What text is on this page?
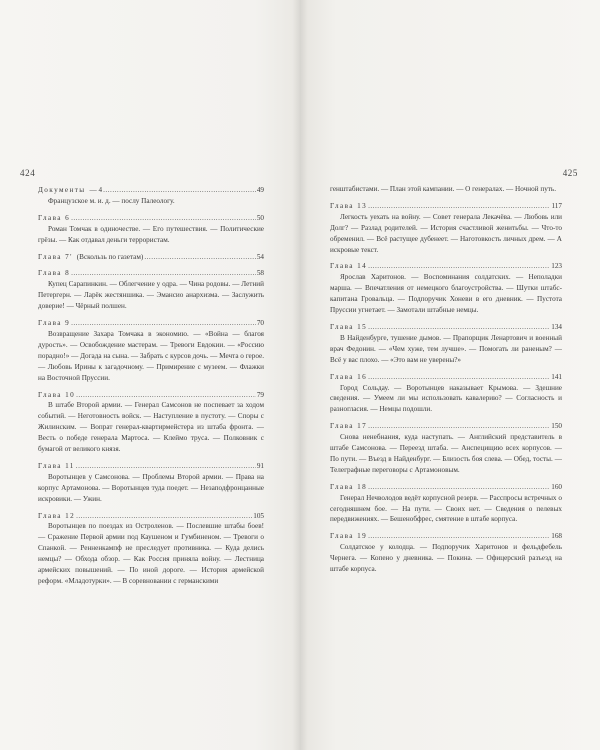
424
Документы — 4 .....	49

Французское м. и. д. — послу Палеологу.

Глава 6 .....	50

Роман Томчак в одиночестве. — Его путешествия. — Политические грёзы. — Как отдавал деньги террористам.

Глава 7' (Вскользь по газетам) .....	54
Глава 8 .....	58

Купец Сарапинкин. — Облегчение у одра. — Чина родовы. — Летний Петергерн. — Ларёк жестяншика. — Эмансио анархизма. — Заслужить доверие! — Чёрный полшен.

Глава 9 .....	70

Возвращение Захара Томчака в экономию. — «Война — благоя дурость». — Освобождение мастерам. — Тревоги Евдокии. — «Россию порадно!» — Догада на сына. — Забрать с курсов дочь. — Мечта о герое. — Любовь Ирины к загадочному. — Примирение с музеем. — Флажки на Восточной Пруссии.

Глава 10 .....	79

В штабе Второй армии. — Генерал Самсонов не поспевает за ходом событий. — Неготовность войск. — Наступление в пустоту. — Споры с Жилинским. — Вопрат генерал-квартирмейстера из штаба фронта. — Весть о победе генерала Мартоса. — Клеймо труса. — Полковник с бумагой от великого князя.

Глава 11 .....	91

Воротынцев у Самсонова. — Проблемы Второй армии. — Права на корпус Артамонова. — Воротынцев туда поедет. — Незаподфронцанные искровики. — Ужин.

Глава 12 .....	105

Воротынцев по поездах из Остроленов. — Послевшие штабы боев! — Сражение Первой армии под Каушеном и Гумбиненом. — Тревоги о Спанкой. — Ренненкампф не преследует противника. — Куда делись немцы? — Обхода обзор. — Как Россия приняла войну. — Лестница армейских повышений. — По иной дороге. — История армейской реформ. «Младотурки». — В соревновании с германскими

425

генштабистами. — План этой кампании. — О генералах. — Ночной путь.

Глава 13 .....	117

Легкость уехать на войну. — Совет генерала Лекачёва. — Любовь или Долг? — Разлад родителей. — История счастливой женитьбы. — Что-то обременил. — Всё растущее дубенеет. — Наготовкость личных дрем. — А искровые текст.

Глава 14 .....	123

Ярослав Харитонов. — Воспоминания солдатских. — Неполадки марша. — Впечатления от немецкого благоустройства. — Шутки штабс-капитана Гровальца. — Подпоручик Хоневи в его дневник. — Пустота Пруссии угнетает. — Замотали штабные немцы.

Глава 15 .....	134

В Найденбурге, тушение дымов. — Прапорщик Ленартович и военный врач Федонин. — «Чем хуже, тем лучше». — Помогать ли раненым? — Всё у вас плохо. — «Это вам не уверены?»

Глава 16 .....	141

Город Сольдау. — Воротынцев наказывает Крымова. — Здешние сведения. — Умеем ли мы использовать кавалерию? — Согласность и разногласия. — Немцы подошли.

Глава 17 .....	150

Снова ненебнания, куда наступать. — Английский представитель в штабе Самсонова. — Переезд штаба. — Анспецищию всех корпусов. — По пути. — Въезд в Найденбург. — Близость боя слева. — Обед, тосты. — Телеграфные переговоры с Артамоновым.

Глава 18 .....	160

Генерал Нечволодов ведёт корпусной резерв. — Расспросы встречных о сегодняшнем бое. — На пути. — Своих нет. — Сведения о пелевых передвижениях. — Бешенобфрес, смятение в штабе корпуса.

Глава 19 .....	168

Солдатское у колодца. — Подпоручик Харитонов и фельдфебель Чернега. — Копено у дневника. — Покина. — Офицерский разъезд на штабе корпуса.
